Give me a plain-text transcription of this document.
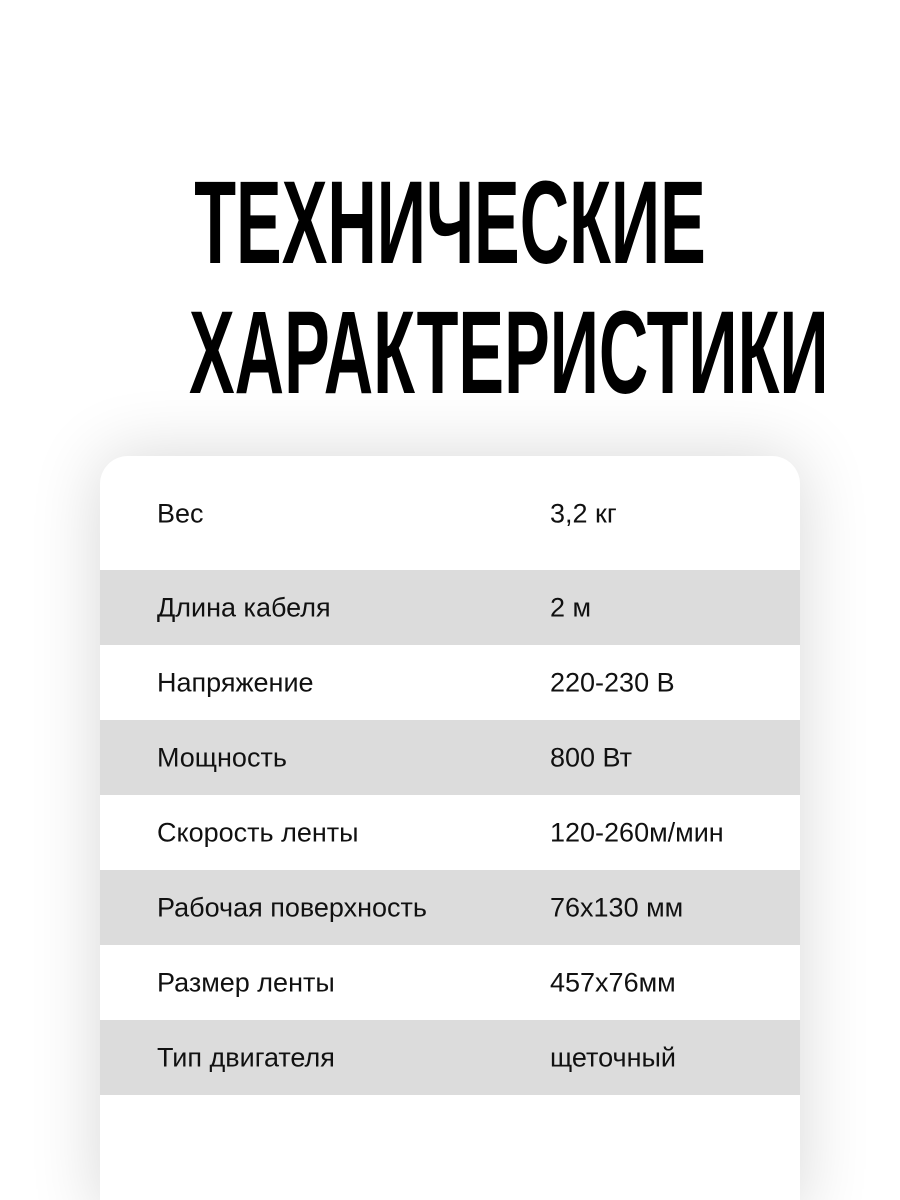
ТЕХНИЧЕСКИЕ
ХАРАКТЕРИСТИКИ
Вес	3,2 кг
Длина кабеля	2 м
Напряжение	220-230 В
Мощность	800 Вт
Скорость ленты	120-260м/мин
Рабочая поверхность	76x130 мм
Размер ленты	457x76мм
Тип двигателя	щеточный
